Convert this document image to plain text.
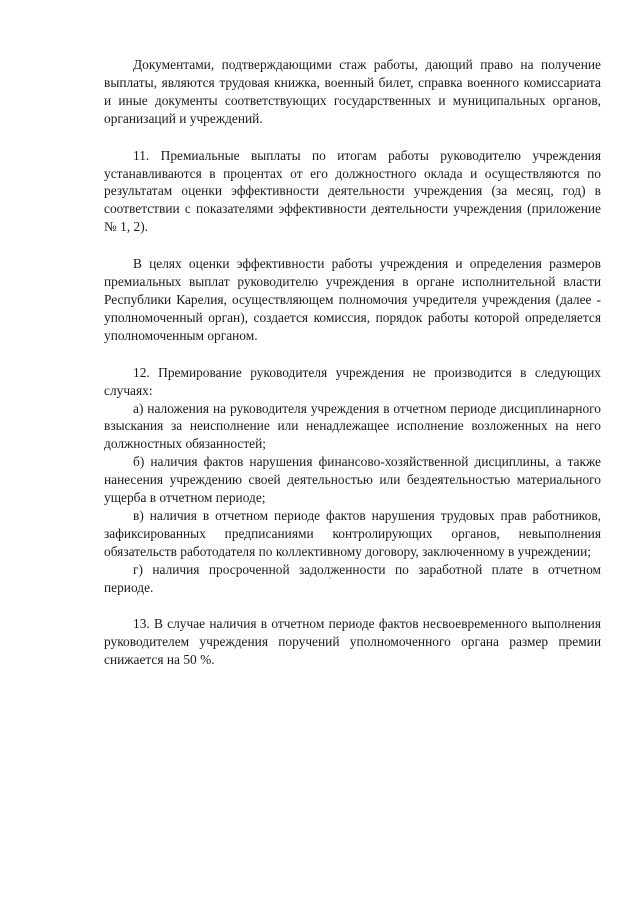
Документами, подтверждающими стаж работы, дающий право на получение выплаты, являются трудовая книжка, военный билет, справка военного комиссариата и иные документы соответствующих государственных и муниципальных органов, организаций и учреждений.

11. Премиальные выплаты по итогам работы руководителю учреждения устанавливаются в процентах от его должностного оклада и осуществляются по результатам оценки эффективности деятельности учреждения (за месяц, год) в соответствии с показателями эффективности деятельности учреждения (приложение № 1, 2).

В целях оценки эффективности работы учреждения и определения размеров премиальных выплат руководителю учреждения в органе исполнительной власти Республики Карелия, осуществляющем полномочия учредителя учреждения (далее - уполномоченный орган), создается комиссия, порядок работы которой определяется уполномоченным органом.

12. Премирование руководителя учреждения не производится в следующих случаях:

а) наложения на руководителя учреждения в отчетном периоде дисциплинарного взыскания за неисполнение или ненадлежащее исполнение возложенных на него должностных обязанностей;

б) наличия фактов нарушения финансово-хозяйственной дисциплины, а также нанесения учреждению своей деятельностью или бездеятельностью материального ущерба в отчетном периоде;

в) наличия в отчетном периоде фактов нарушения трудовых прав работников, зафиксированных предписаниями контролирующих органов, невыполнения обязательств работодателя по коллективному договору, заключенному в учреждении;

г) наличия просроченной задолженности по заработной плате в отчетном периоде.

13. В случае наличия в отчетном периоде фактов несвоевременного выполнения руководителем учреждения поручений уполномоченного органа размер премии снижается на 50 %.
